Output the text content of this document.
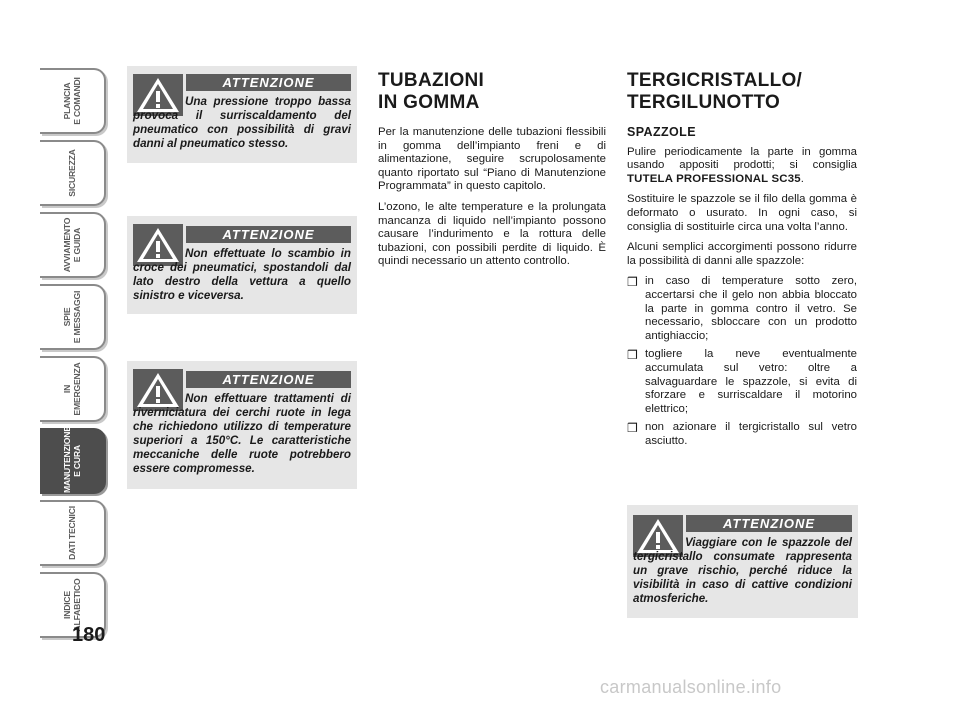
PLANCIA
E COMANDI
SICUREZZA
AVVIAMENTO
E GUIDA
SPIE
E MESSAGGI
IN
EMERGENZA
MANUTENZIONE
E CURA
DATI TECNICI
INDICE
ALFABETICO
180
ATTENZIONE
Una pressione troppo bassa provoca il surriscaldamento del pneumatico con possibilità di gravi danni al pneumatico stesso.
ATTENZIONE
Non effettuate lo scambio in croce dei pneumatici, spostandoli dal lato destro della vettura a quello sinistro e viceversa.
ATTENZIONE
Non effettuare trattamenti di riverniciatura dei cerchi ruote in lega che richiedono utilizzo di temperature superiori a 150°C. Le caratteristiche meccaniche delle ruote potrebbero essere compromesse.
TUBAZIONI
IN GOMMA

Per la manutenzione delle tubazioni flessibili in gomma dell’impianto freni e di alimentazione, seguire scrupolosamente quanto riportato sul “Piano di Manutenzione Programmata” in questo capitolo.

L’ozono, le alte temperature e la prolungata mancanza di liquido nell’impianto possono causare l’indurimento e la rottura delle tubazioni, con possibili perdite di liquido. È quindi necessario un attento controllo.

TERGICRISTALLO/
TERGILUNOTTO
SPAZZOLE

Pulire periodicamente la parte in gomma usando appositi prodotti; si consiglia TUTELA PROFESSIONAL SC35.

Sostituire le spazzole se il filo della gomma è deformato o usurato. In ogni caso, si consiglia di sostituirle circa una volta l’anno.

Alcuni semplici accorgimenti possono ridurre la possibilità di danni alle spazzole:

❒ in caso di temperature sotto zero, accertarsi che il gelo non abbia bloccato la parte in gomma contro il vetro. Se necessario, sbloccare con un prodotto antighiaccio;
❒ togliere la neve eventualmente accumulata sul vetro: oltre a salvaguardare le spazzole, si evita di sforzare e surriscaldare il motorino elettrico;
❒ non azionare il tergicristallo sul vetro asciutto.
ATTENZIONE
Viaggiare con le spazzole del tergicristallo consumate rappresenta un grave rischio, perché riduce la visibilità in caso di cattive condizioni atmosferiche.
carmanualsonline.info
